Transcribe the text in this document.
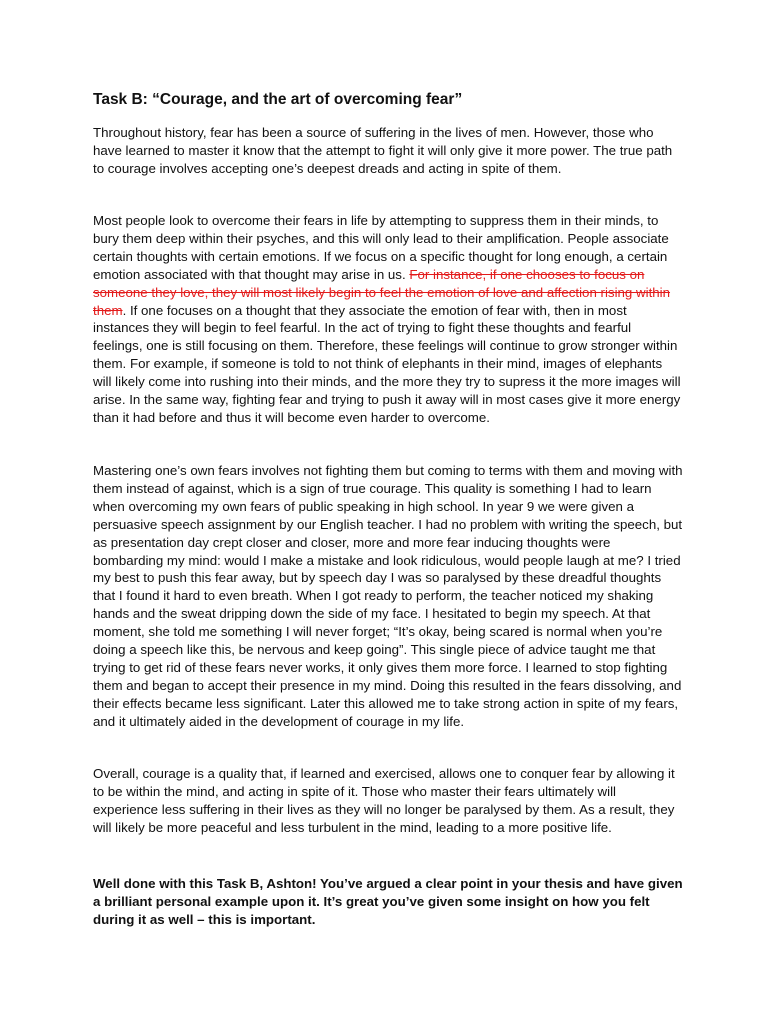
Task B: “Courage, and the art of overcoming fear”

Throughout history, fear has been a source of suffering in the lives of men. However, those who have learned to master it know that the attempt to fight it will only give it more power. The true path to courage involves accepting one’s deepest dreads and acting in spite of them.

Most people look to overcome their fears in life by attempting to suppress them in their minds, to bury them deep within their psyches, and this will only lead to their amplification. People associate certain thoughts with certain emotions. If we focus on a specific thought for long enough, a certain emotion associated with that thought may arise in us. For instance, if one chooses to focus on someone they love, they will most likely begin to feel the emotion of love and affection rising within them. If one focuses on a thought that they associate the emotion of fear with, then in most instances they will begin to feel fearful. In the act of trying to fight these thoughts and fearful feelings, one is still focusing on them. Therefore, these feelings will continue to grow stronger within them. For example, if someone is told to not think of elephants in their mind, images of elephants will likely come into rushing into their minds, and the more they try to supress it the more images will arise. In the same way, fighting fear and trying to push it away will in most cases give it more energy than it had before and thus it will become even harder to overcome.

Mastering one’s own fears involves not fighting them but coming to terms with them and moving with them instead of against, which is a sign of true courage. This quality is something I had to learn when overcoming my own fears of public speaking in high school. In year 9 we were given a persuasive speech assignment by our English teacher. I had no problem with writing the speech, but as presentation day crept closer and closer, more and more fear inducing thoughts were bombarding my mind: would I make a mistake and look ridiculous, would people laugh at me? I tried my best to push this fear away, but by speech day I was so paralysed by these dreadful thoughts that I found it hard to even breath. When I got ready to perform, the teacher noticed my shaking hands and the sweat dripping down the side of my face. I hesitated to begin my speech. At that moment, she told me something I will never forget; “It’s okay, being scared is normal when you’re doing a speech like this, be nervous and keep going”. This single piece of advice taught me that trying to get rid of these fears never works, it only gives them more force. I learned to stop fighting them and began to accept their presence in my mind. Doing this resulted in the fears dissolving, and their effects became less significant. Later this allowed me to take strong action in spite of my fears, and it ultimately aided in the development of courage in my life.

Overall, courage is a quality that, if learned and exercised, allows one to conquer fear by allowing it to be within the mind, and acting in spite of it. Those who master their fears ultimately will experience less suffering in their lives as they will no longer be paralysed by them. As a result, they will likely be more peaceful and less turbulent in the mind, leading to a more positive life.

Well done with this Task B, Ashton! You’ve argued a clear point in your thesis and have given a brilliant personal example upon it. It’s great you’ve given some insight on how you felt during it as well – this is important.
